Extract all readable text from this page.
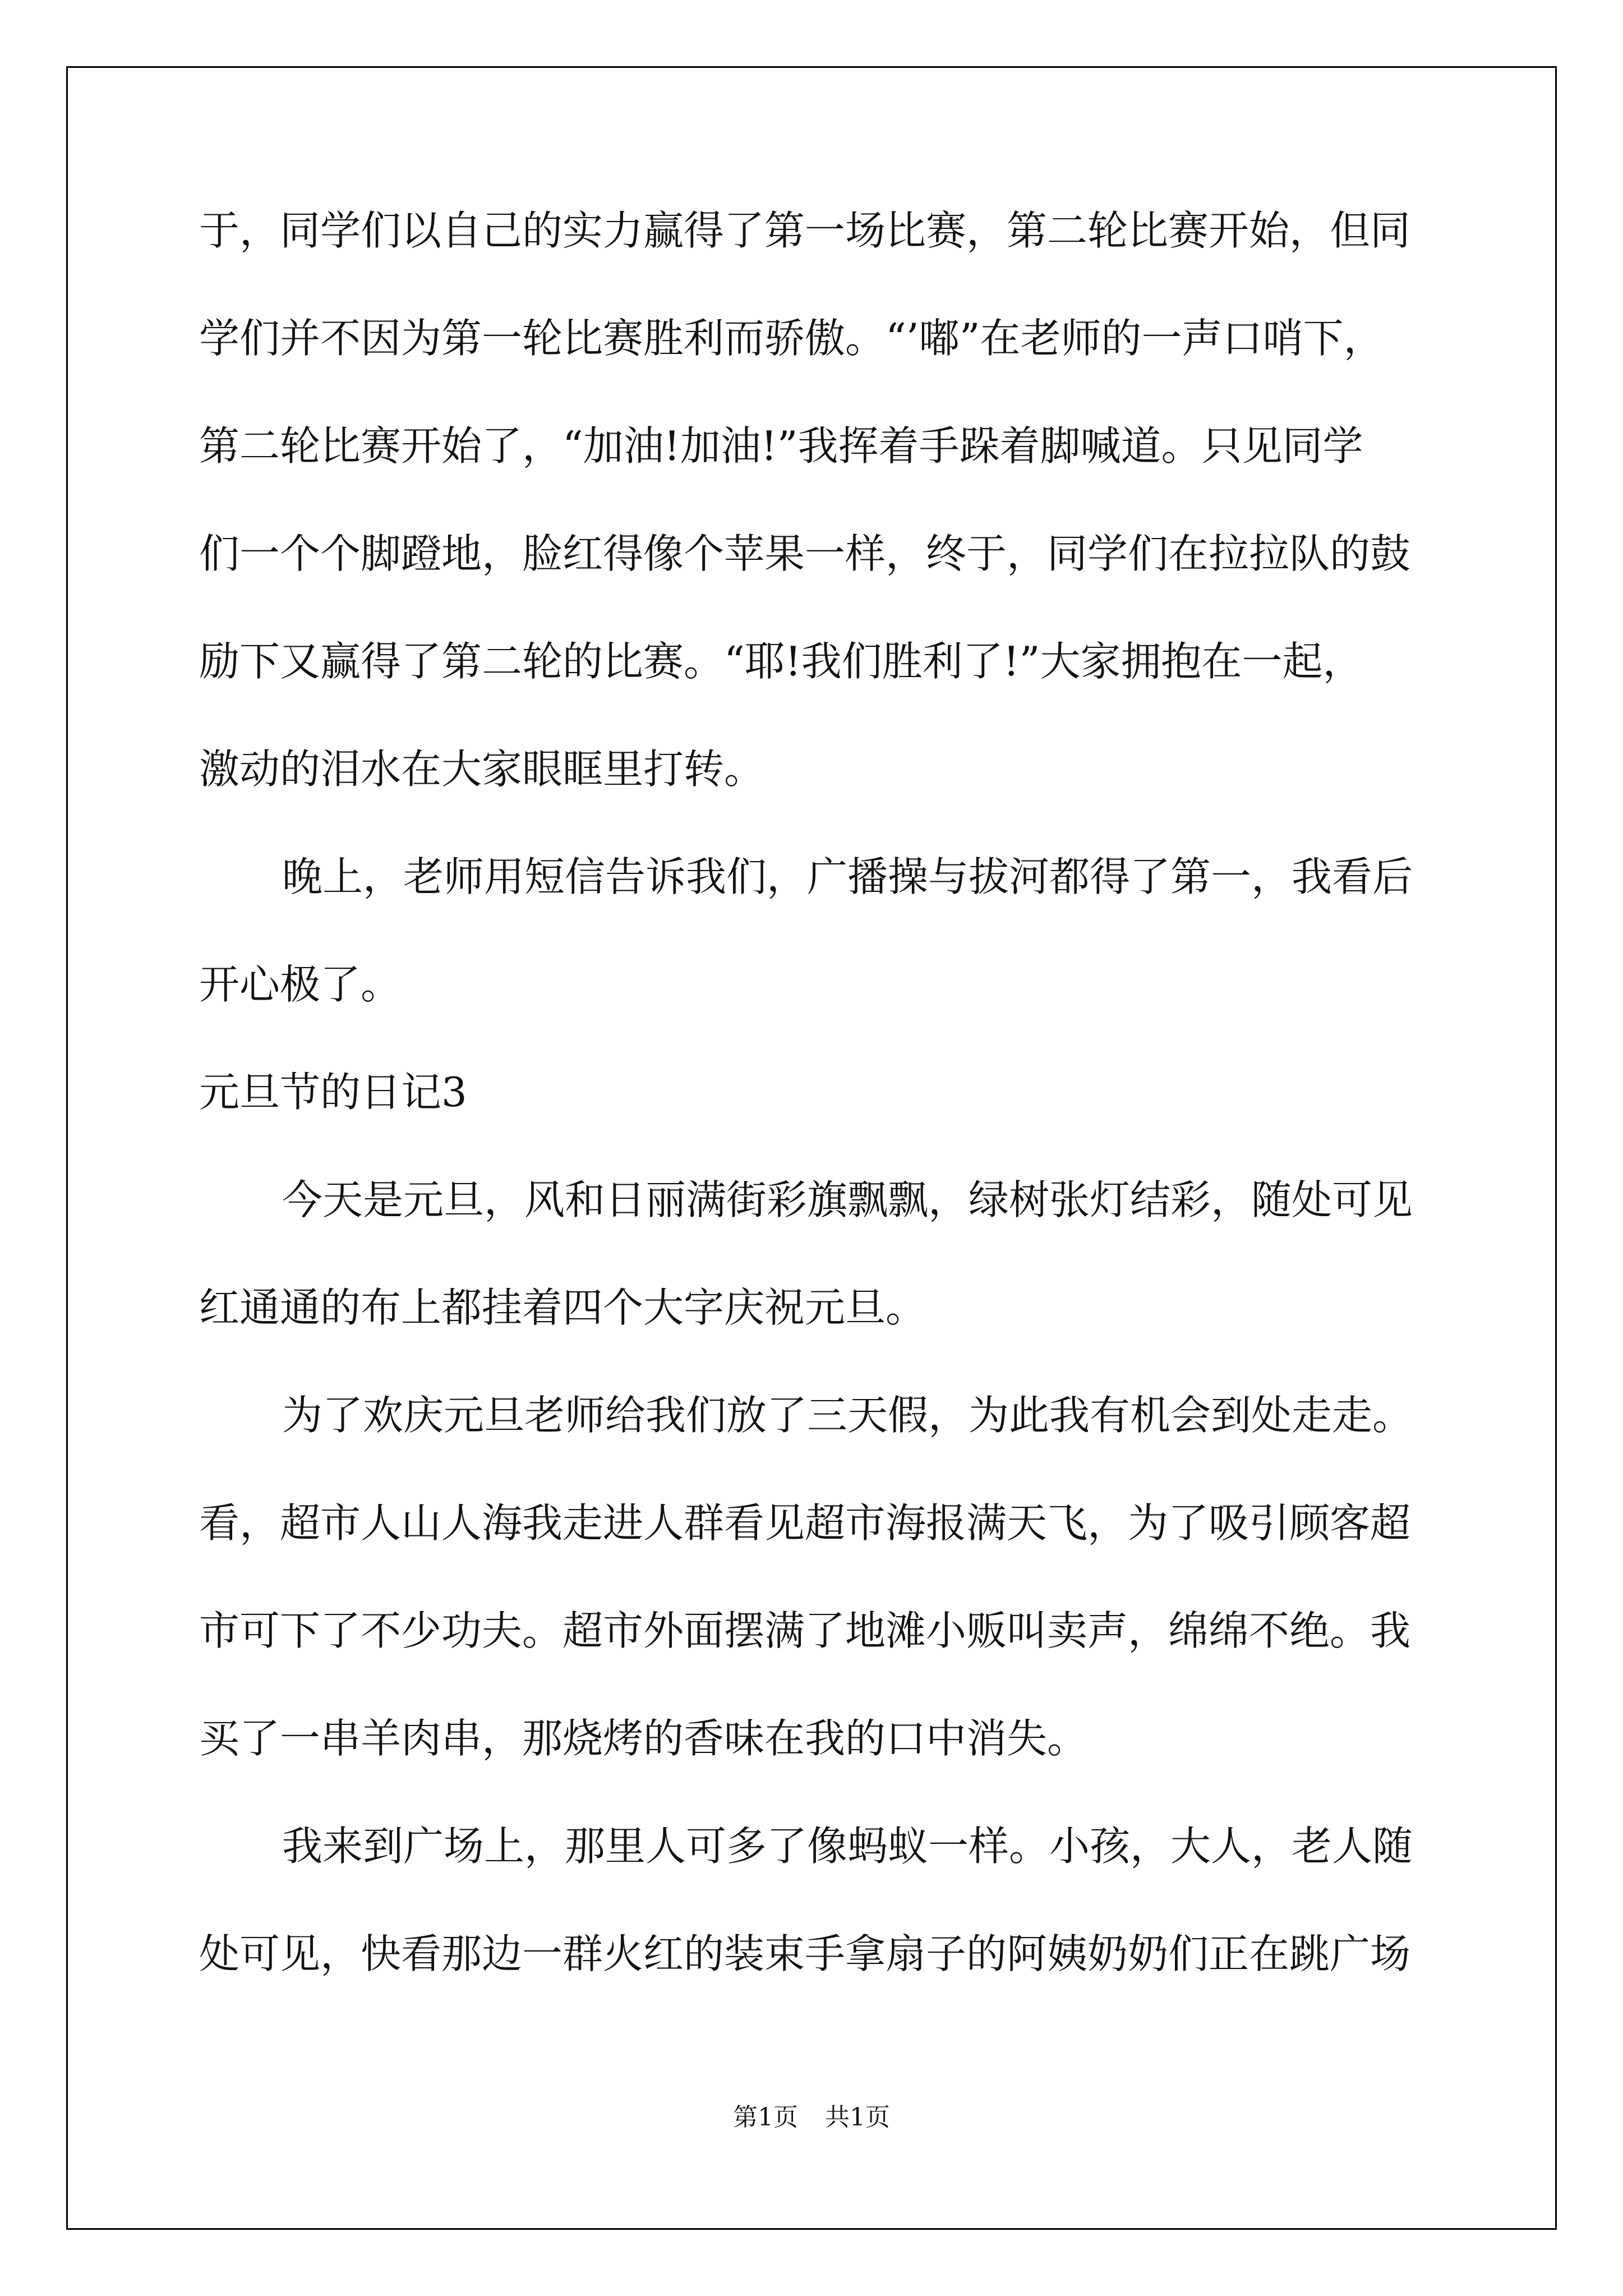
于，同学们以自己的实力赢得了第一场比赛，第二轮比赛开始，但同
学们并不因为第一轮比赛胜利而骄傲。“’嘟”在老师的一声口哨下，
第二轮比赛开始了，“加油!加油!”我挥着手跺着脚喊道。只见同学
们一个个脚蹬地，脸红得像个苹果一样，终于，同学们在拉拉队的鼓
励下又赢得了第二轮的比赛。“耶!我们胜利了!”大家拥抱在一起，
激动的泪水在大家眼眶里打转。
晚上，老师用短信告诉我们，广播操与拔河都得了第一，我看后
开心极了。
元旦节的日记3
今天是元旦，风和日丽满街彩旗飘飘，绿树张灯结彩，随处可见
红通通的布上都挂着四个大字庆祝元旦。
为了欢庆元旦老师给我们放了三天假，为此我有机会到处走走。
看，超市人山人海我走进人群看见超市海报满天飞，为了吸引顾客超
市可下了不少功夫。超市外面摆满了地滩小贩叫卖声，绵绵不绝。我
买了一串羊肉串，那烧烤的香味在我的口中消失。
我来到广场上，那里人可多了像蚂蚁一样。小孩，大人，老人随
处可见，快看那边一群火红的装束手拿扇子的阿姨奶奶们正在跳广场
第1页 共1页
